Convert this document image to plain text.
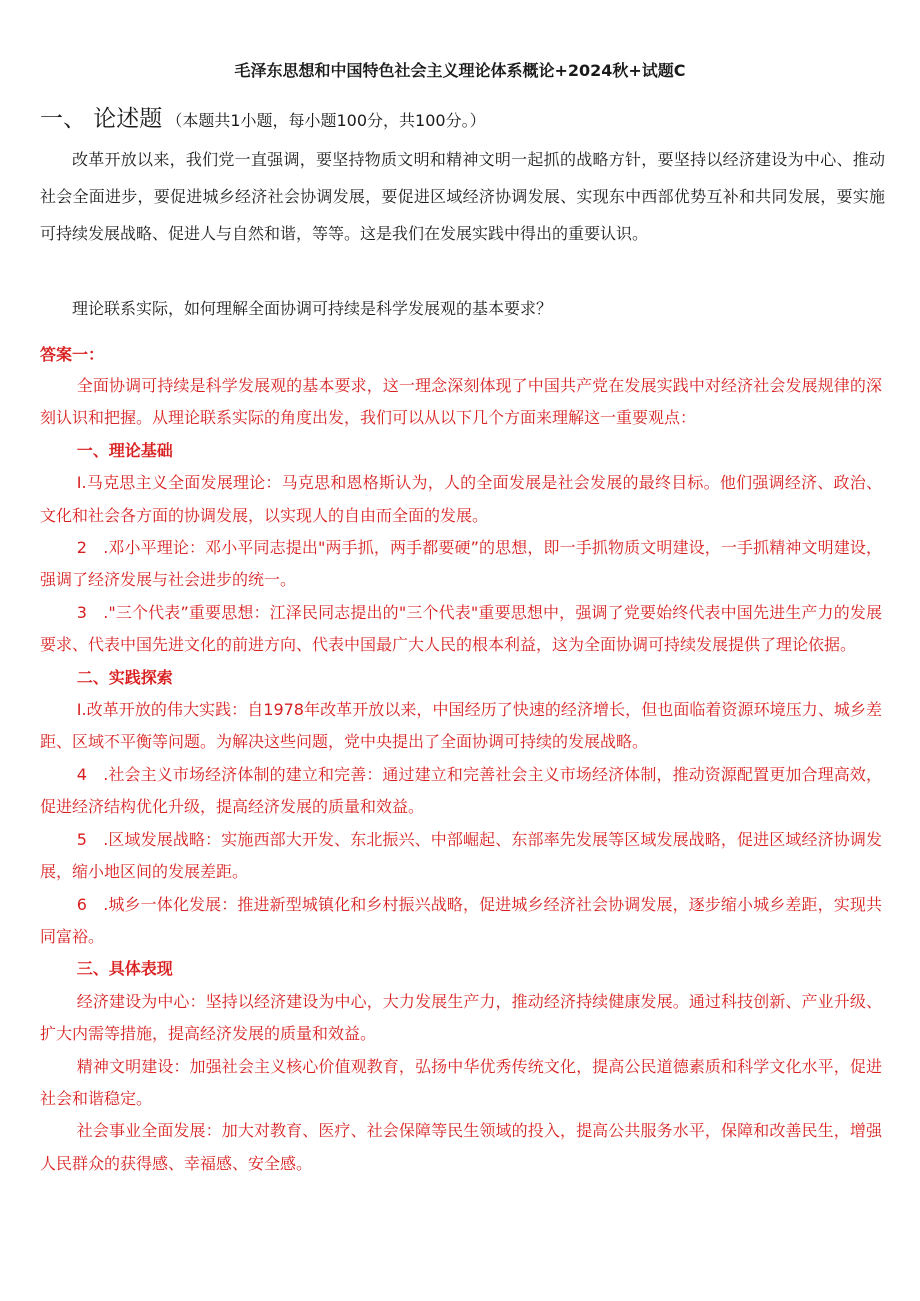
毛泽东思想和中国特色社会主义理论体系概论+2024秋+试题C
一、 论述题 （本题共1小题，每小题100分，共100分。）

改革开放以来，我们党一直强调，要坚持物质文明和精神文明一起抓的战略方针，要坚持以经济建设为中心、推动社会全面进步，要促进城乡经济社会协调发展，要促进区域经济协调发展、实现东中西部优势互补和共同发展，要实施可持续发展战略、促进人与自然和谐，等等。这是我们在发展实践中得出的重要认识。

理论联系实际，如何理解全面协调可持续是科学发展观的基本要求？

答案一：

全面协调可持续是科学发展观的基本要求，这一理念深刻体现了中国共产党在发展实践中对经济社会发展规律的深刻认识和把握。从理论联系实际的角度出发，我们可以从以下几个方面来理解这一重要观点：

一、理论基础

I.马克思主义全面发展理论：马克思和恩格斯认为，人的全面发展是社会发展的最终目标。他们强调经济、政治、文化和社会各方面的协调发展，以实现人的自由而全面的发展。

2　.邓小平理论：邓小平同志提出"两手抓，两手都要硬”的思想，即一手抓物质文明建设，一手抓精神文明建设，强调了经济发展与社会进步的统一。

3　."三个代表”重要思想：江泽民同志提出的"三个代表"重要思想中，强调了党要始终代表中国先进生产力的发展要求、代表中国先进文化的前进方向、代表中国最广大人民的根本利益，这为全面协调可持续发展提供了理论依据。

二、实践探索

I.改革开放的伟大实践：自1978年改革开放以来，中国经历了快速的经济增长，但也面临着资源环境压力、城乡差距、区域不平衡等问题。为解决这些问题，党中央提出了全面协调可持续的发展战略。

4　.社会主义市场经济体制的建立和完善：通过建立和完善社会主义市场经济体制，推动资源配置更加合理高效，促进经济结构优化升级，提高经济发展的质量和效益。

5　.区域发展战略：实施西部大开发、东北振兴、中部崛起、东部率先发展等区域发展战略，促进区域经济协调发展，缩小地区间的发展差距。

6　.城乡一体化发展：推进新型城镇化和乡村振兴战略，促进城乡经济社会协调发展，逐步缩小城乡差距，实现共同富裕。

三、具体表现

经济建设为中心：坚持以经济建设为中心，大力发展生产力，推动经济持续健康发展。通过科技创新、产业升级、扩大内需等措施，提高经济发展的质量和效益。

精神文明建设：加强社会主义核心价值观教育，弘扬中华优秀传统文化，提高公民道德素质和科学文化水平，促进社会和谐稳定。

社会事业全面发展：加大对教育、医疗、社会保障等民生领域的投入，提高公共服务水平，保障和改善民生，增强人民群众的获得感、幸福感、安全感。
